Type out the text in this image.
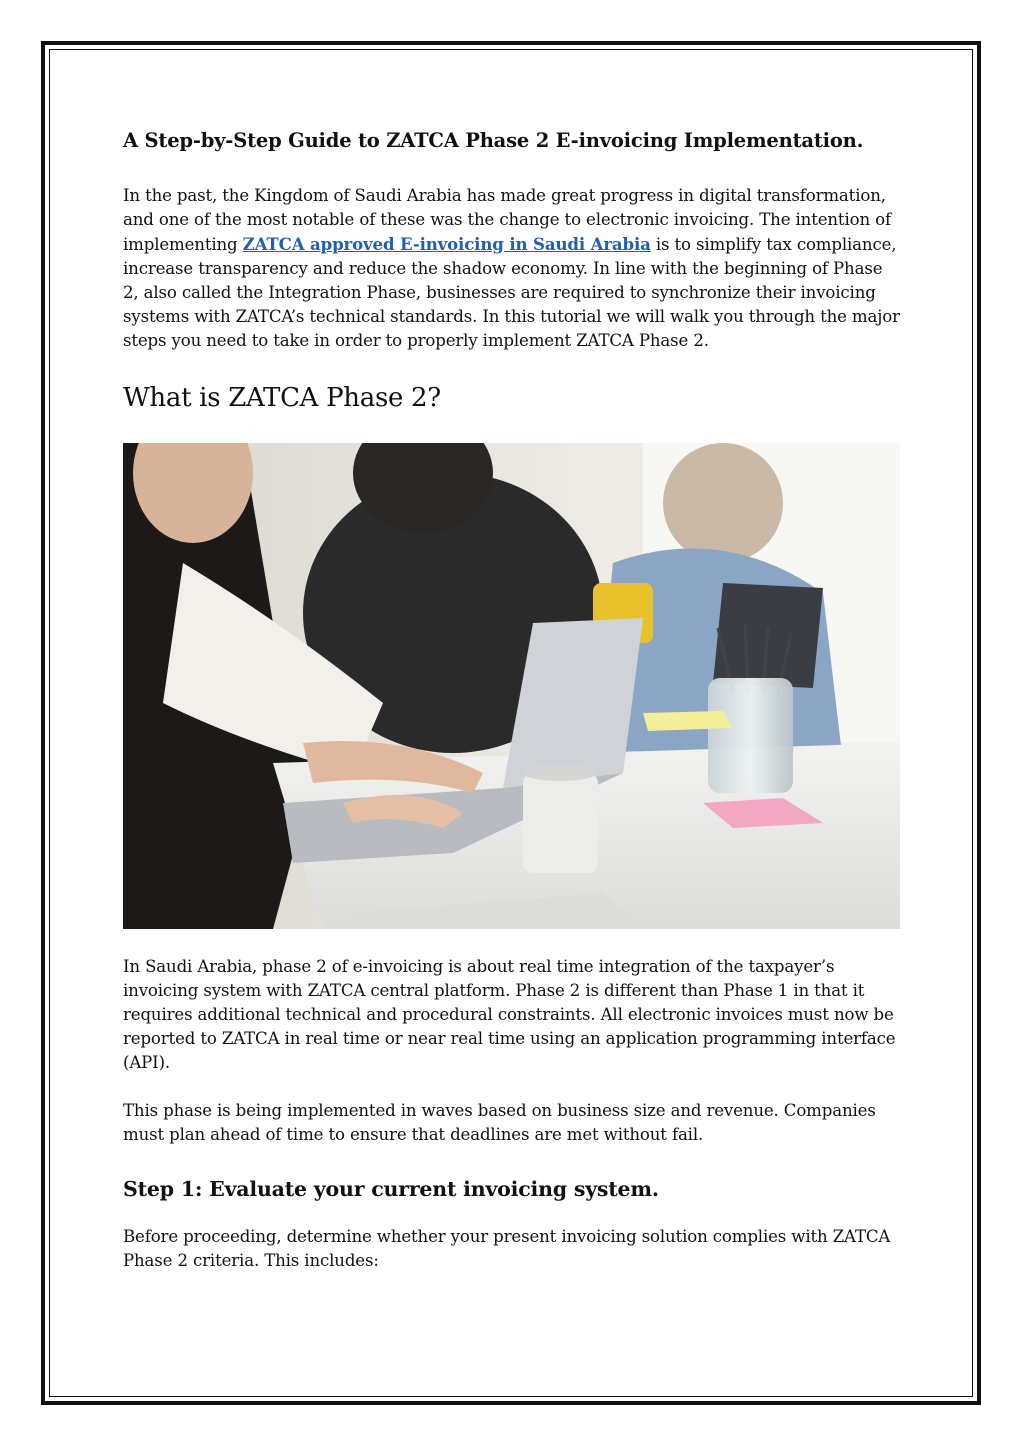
A Step-by-Step Guide to ZATCA Phase 2 E-invoicing Implementation.

In the past, the Kingdom of Saudi Arabia has made great progress in digital transformation, and one of the most notable of these was the change to electronic invoicing. The intention of implementing ZATCA approved E-invoicing in Saudi Arabia is to simplify tax compliance, increase transparency and reduce the shadow economy. In line with the beginning of Phase 2, also called the Integration Phase, businesses are required to synchronize their invoicing systems with ZATCA’s technical standards. In this tutorial we will walk you through the major steps you need to take in order to properly implement ZATCA Phase 2.

What is ZATCA Phase 2?

In Saudi Arabia, phase 2 of e-invoicing is about real time integration of the taxpayer’s invoicing system with ZATCA central platform. Phase 2 is different than Phase 1 in that it requires additional technical and procedural constraints. All electronic invoices must now be reported to ZATCA in real time or near real time using an application programming interface (API).

This phase is being implemented in waves based on business size and revenue. Companies must plan ahead of time to ensure that deadlines are met without fail.

Step 1: Evaluate your current invoicing system.

Before proceeding, determine whether your present invoicing solution complies with ZATCA Phase 2 criteria. This includes:
